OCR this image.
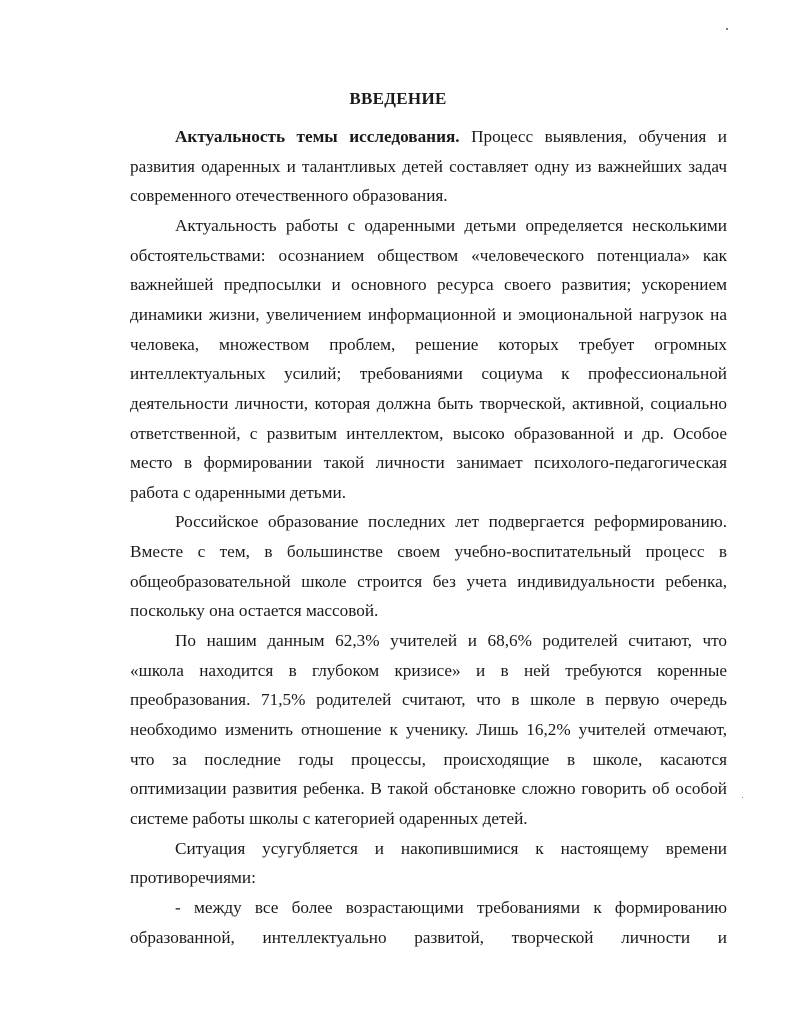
ВВЕДЕНИЕ
Актуальность темы исследования. Процесс выявления, обучения и
развития одаренных и талантливых детей составляет одну из важнейших задач
современного отечественного образования.
Актуальность работы с одаренными детьми определяется несколькими
обстоятельствами: осознанием обществом «человеческого потенциала» как
важнейшей предпосылки и основного ресурса своего развития; ускорением
динамики жизни, увеличением информационной и эмоциональной нагрузок на
человека, множеством проблем, решение которых требует огромных
интеллектуальных усилий; требованиями социума к профессиональной
деятельности личности, которая должна быть творческой, активной, социально
ответственной, с развитым интеллектом, высоко образованной и др. Особое
место в формировании такой личности занимает психолого-педагогическая
работа с одаренными детьми.
Российское образование последних лет подвергается реформированию.
Вместе с тем, в большинстве своем учебно-воспитательный процесс в
общеобразовательной школе строится без учета индивидуальности ребенка,
поскольку она остается массовой.
По нашим данным 62,3% учителей и 68,6% родителей считают, что
«школа находится в глубоком кризисе» и в ней требуются коренные
преобразования. 71,5% родителей считают, что в школе в первую очередь
необходимо изменить отношение к ученику. Лишь 16,2% учителей отмечают,
что за последние годы процессы, происходящие в школе, касаются
оптимизации развития ребенка. В такой обстановке сложно говорить об особой
системе работы школы с категорией одаренных детей.
Ситуация усугубляется и накопившимися к настоящему времени
противоречиями:
- между все более возрастающими требованиями к формированию
образованной, интеллектуально развитой, творческой личности и
